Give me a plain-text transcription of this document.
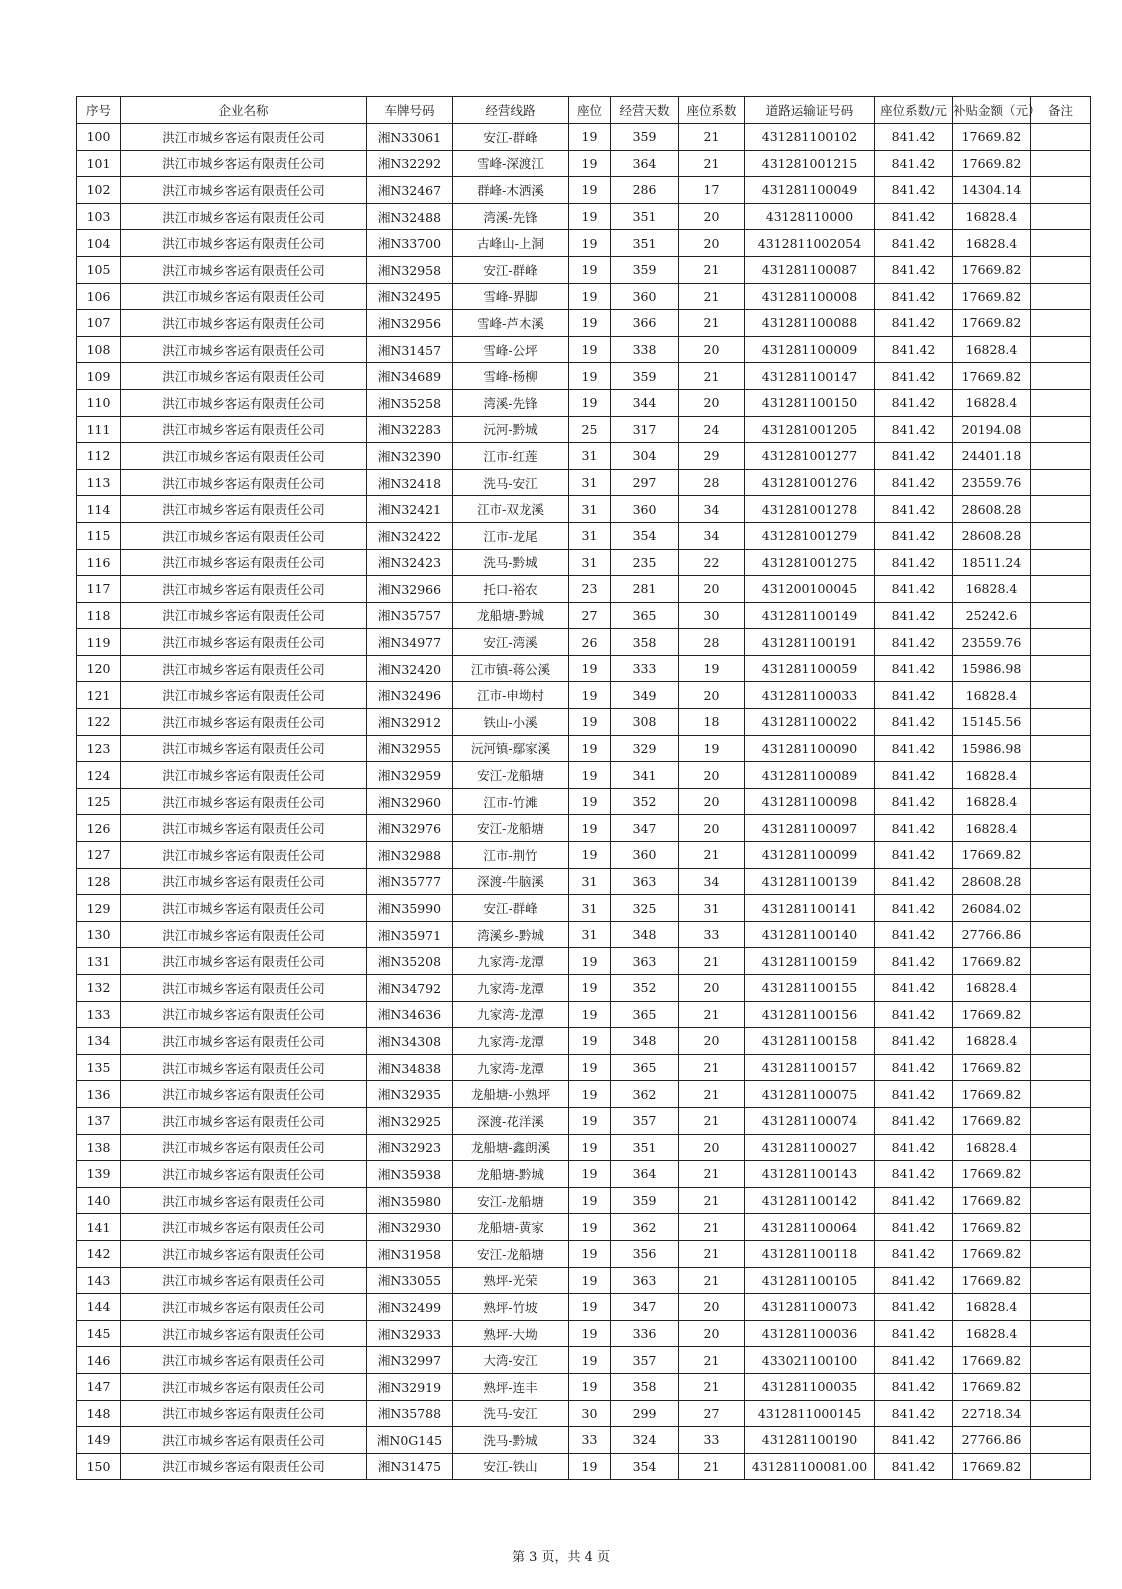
序号	企业名称	车牌号码	经营线路	座位	经营天数	座位系数	道路运输证号码	座位系数/元	补贴金额（元）	备注
100	洪江市城乡客运有限责任公司	湘N33061	安江-群峰	19	359	21	431281100102	841.42	17669.82	
101	洪江市城乡客运有限责任公司	湘N32292	雪峰-深渡江	19	364	21	431281001215	841.42	17669.82	
102	洪江市城乡客运有限责任公司	湘N32467	群峰-木洒溪	19	286	17	431281100049	841.42	14304.14	
103	洪江市城乡客运有限责任公司	湘N32488	湾溪-先锋	19	351	20	43128110000	841.42	16828.4	
104	洪江市城乡客运有限责任公司	湘N33700	古峰山-上洞	19	351	20	4312811002054	841.42	16828.4	
105	洪江市城乡客运有限责任公司	湘N32958	安江-群峰	19	359	21	431281100087	841.42	17669.82	
106	洪江市城乡客运有限责任公司	湘N32495	雪峰-界脚	19	360	21	431281100008	841.42	17669.82	
107	洪江市城乡客运有限责任公司	湘N32956	雪峰-芦木溪	19	366	21	431281100088	841.42	17669.82	
108	洪江市城乡客运有限责任公司	湘N31457	雪峰-公坪	19	338	20	431281100009	841.42	16828.4	
109	洪江市城乡客运有限责任公司	湘N34689	雪峰-杨柳	19	359	21	431281100147	841.42	17669.82	
110	洪江市城乡客运有限责任公司	湘N35258	湾溪-先锋	19	344	20	431281100150	841.42	16828.4	
111	洪江市城乡客运有限责任公司	湘N32283	沅河-黔城	25	317	24	431281001205	841.42	20194.08	
112	洪江市城乡客运有限责任公司	湘N32390	江市-红莲	31	304	29	431281001277	841.42	24401.18	
113	洪江市城乡客运有限责任公司	湘N32418	洗马-安江	31	297	28	431281001276	841.42	23559.76	
114	洪江市城乡客运有限责任公司	湘N32421	江市-双龙溪	31	360	34	431281001278	841.42	28608.28	
115	洪江市城乡客运有限责任公司	湘N32422	江市-龙尾	31	354	34	431281001279	841.42	28608.28	
116	洪江市城乡客运有限责任公司	湘N32423	洗马-黔城	31	235	22	431281001275	841.42	18511.24	
117	洪江市城乡客运有限责任公司	湘N32966	托口-裕农	23	281	20	431200100045	841.42	16828.4	
118	洪江市城乡客运有限责任公司	湘N35757	龙船塘-黔城	27	365	30	431281100149	841.42	25242.6	
119	洪江市城乡客运有限责任公司	湘N34977	安江-湾溪	26	358	28	431281100191	841.42	23559.76	
120	洪江市城乡客运有限责任公司	湘N32420	江市镇-蒋公溪	19	333	19	431281100059	841.42	15986.98	
121	洪江市城乡客运有限责任公司	湘N32496	江市-申坳村	19	349	20	431281100033	841.42	16828.4	
122	洪江市城乡客运有限责任公司	湘N32912	铁山-小溪	19	308	18	431281100022	841.42	15145.56	
123	洪江市城乡客运有限责任公司	湘N32955	沅河镇-鄢家溪	19	329	19	431281100090	841.42	15986.98	
124	洪江市城乡客运有限责任公司	湘N32959	安江-龙船塘	19	341	20	431281100089	841.42	16828.4	
125	洪江市城乡客运有限责任公司	湘N32960	江市-竹滩	19	352	20	431281100098	841.42	16828.4	
126	洪江市城乡客运有限责任公司	湘N32976	安江-龙船塘	19	347	20	431281100097	841.42	16828.4	
127	洪江市城乡客运有限责任公司	湘N32988	江市-荆竹	19	360	21	431281100099	841.42	17669.82	
128	洪江市城乡客运有限责任公司	湘N35777	深渡-牛脑溪	31	363	34	431281100139	841.42	28608.28	
129	洪江市城乡客运有限责任公司	湘N35990	安江-群峰	31	325	31	431281100141	841.42	26084.02	
130	洪江市城乡客运有限责任公司	湘N35971	湾溪乡-黔城	31	348	33	431281100140	841.42	27766.86	
131	洪江市城乡客运有限责任公司	湘N35208	九家湾-龙潭	19	363	21	431281100159	841.42	17669.82	
132	洪江市城乡客运有限责任公司	湘N34792	九家湾-龙潭	19	352	20	431281100155	841.42	16828.4	
133	洪江市城乡客运有限责任公司	湘N34636	九家湾-龙潭	19	365	21	431281100156	841.42	17669.82	
134	洪江市城乡客运有限责任公司	湘N34308	九家湾-龙潭	19	348	20	431281100158	841.42	16828.4	
135	洪江市城乡客运有限责任公司	湘N34838	九家湾-龙潭	19	365	21	431281100157	841.42	17669.82	
136	洪江市城乡客运有限责任公司	湘N32935	龙船塘-小熟坪	19	362	21	431281100075	841.42	17669.82	
137	洪江市城乡客运有限责任公司	湘N32925	深渡-花洋溪	19	357	21	431281100074	841.42	17669.82	
138	洪江市城乡客运有限责任公司	湘N32923	龙船塘-鑫朗溪	19	351	20	431281100027	841.42	16828.4	
139	洪江市城乡客运有限责任公司	湘N35938	龙船塘-黔城	19	364	21	431281100143	841.42	17669.82	
140	洪江市城乡客运有限责任公司	湘N35980	安江-龙船塘	19	359	21	431281100142	841.42	17669.82	
141	洪江市城乡客运有限责任公司	湘N32930	龙船塘-黄家	19	362	21	431281100064	841.42	17669.82	
142	洪江市城乡客运有限责任公司	湘N31958	安江-龙船塘	19	356	21	431281100118	841.42	17669.82	
143	洪江市城乡客运有限责任公司	湘N33055	熟坪-光荣	19	363	21	431281100105	841.42	17669.82	
144	洪江市城乡客运有限责任公司	湘N32499	熟坪-竹坡	19	347	20	431281100073	841.42	16828.4	
145	洪江市城乡客运有限责任公司	湘N32933	熟坪-大坳	19	336	20	431281100036	841.42	16828.4	
146	洪江市城乡客运有限责任公司	湘N32997	大湾-安江	19	357	21	433021100100	841.42	17669.82	
147	洪江市城乡客运有限责任公司	湘N32919	熟坪-连丰	19	358	21	431281100035	841.42	17669.82	
148	洪江市城乡客运有限责任公司	湘N35788	洗马-安江	30	299	27	4312811000145	841.42	22718.34	
149	洪江市城乡客运有限责任公司	湘N0G145	洗马-黔城	33	324	33	431281100190	841.42	27766.86	
150	洪江市城乡客运有限责任公司	湘N31475	安江-铁山	19	354	21	431281100081.00	841.42	17669.82	
第 3 页，共 4 页
